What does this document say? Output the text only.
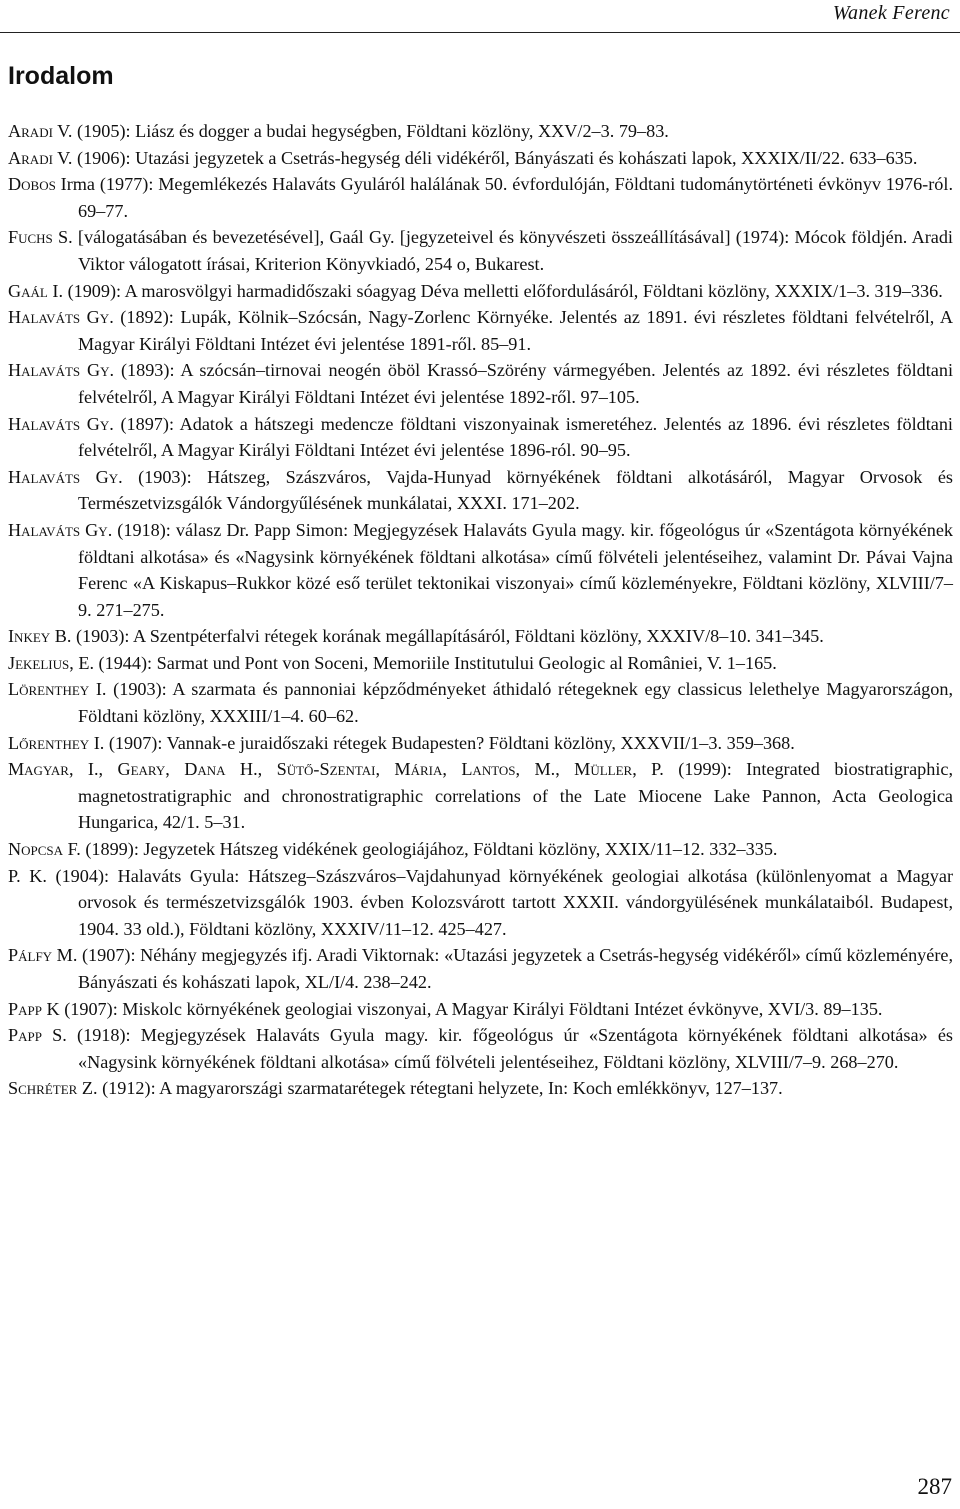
Wanek Ferenc
Irodalom
Aradi V. (1905): Liász és dogger a budai hegységben, Földtani közlöny, XXV/2–3. 79–83.
Aradi V. (1906): Utazási jegyzetek a Csetrás-hegység déli vidékéről, Bányászati és kohászati lapok, XXXIX/II/22. 633–635.
Dobos Irma (1977): Megemlékezés Halaváts Gyuláról halálának 50. évfordulóján, Földtani tudománytörténeti évkönyv 1976-ról. 69–77.
Fuchs S. [válogatásában és bevezetésével], Gaál Gy. [jegyzeteivel és könyvészeti összeállításával] (1974): Mócok földjén. Aradi Viktor válogatott írásai, Kriterion Könyvkiadó, 254 o, Bukarest.
Gaál I. (1909): A marosvölgyi harmadidőszaki sóagyag Déva melletti előfordulásáról, Földtani közlöny, XXXIX/1–3. 319–336.
Halaváts Gy. (1892): Lupák, Kölnik–Szócsán, Nagy-Zorlenc Környéke. Jelentés az 1891. évi részletes földtani felvételről, A Magyar Királyi Földtani Intézet évi jelentése 1891-ről. 85–91.
Halaváts Gy. (1893): A szócsán–tirnovai neogén öböl Krassó–Szörény vármegyében. Jelentés az 1892. évi részletes földtani felvételről, A Magyar Királyi Földtani Intézet évi jelentése 1892-ről. 97–105.
Halaváts Gy. (1897): Adatok a hátszegi medencze földtani viszonyainak ismeretéhez. Jelentés az 1896. évi részletes földtani felvételről, A Magyar Királyi Földtani Intézet évi jelentése 1896-ról. 90–95.
Halaváts Gy. (1903): Hátszeg, Szászváros, Vajda-Hunyad környékének földtani alkotásáról, Magyar Orvosok és Természetvizsgálók Vándorgyűlésének munkálatai, XXXI. 171–202.
Halaváts Gy. (1918): válasz Dr. Papp Simon: Megjegyzések Halaváts Gyula magy. kir. főgeológus úr «Szentágota környékének földtani alkotása» és «Nagysink környékének földtani alkotása» című fölvételi jelentéseihez, valamint Dr. Pávai Vajna Ferenc «A Kiskapus–Rukkor közé eső terület tektonikai viszonyai» című közleményekre, Földtani közlöny, XLVIII/7–9. 271–275.
Inkey B. (1903): A Szentpéterfalvi rétegek korának megállapításáról, Földtani közlöny, XXXIV/8–10. 341–345.
Jekelius, E. (1944): Sarmat und Pont von Soceni, Memoriile Institutului Geologic al României, V. 1–165.
Lörenthey I. (1903): A szarmata és pannoniai képződményeket áthidaló rétegeknek egy classicus lelethelye Magyarországon, Földtani közlöny, XXXIII/1–4. 60–62.
Lőrenthey I. (1907): Vannak-e juraidőszaki rétegek Budapesten? Földtani közlöny, XXXVII/1–3. 359–368.
Magyar, I., Geary, Dana H., Sütő-Szentai, Mária, Lantos, M., Müller, P. (1999): Integrated biostratigraphic, magnetostratigraphic and chronostratigraphic correlations of the Late Miocene Lake Pannon, Acta Geologica Hungarica, 42/1. 5–31.
Nopcsa F. (1899): Jegyzetek Hátszeg vidékének geologiájához, Földtani közlöny, XXIX/11–12. 332–335.
P. K. (1904): Halaváts Gyula: Hátszeg–Szászváros–Vajdahunyad környékének geologiai alkotása (különlenyomat a Magyar orvosok és természetvizsgálók 1903. évben Kolozsvárott tartott XXXII. vándorgyülésének munkálataiból. Budapest, 1904. 33 old.), Földtani közlöny, XXXIV/11–12. 425–427.
Pálfy M. (1907): Néhány megjegyzés ifj. Aradi Viktornak: «Utazási jegyzetek a Csetrás-hegység vidékéről» című közleményére, Bányászati és kohászati lapok, XL/I/4. 238–242.
Papp K (1907): Miskolc környékének geologiai viszonyai, A Magyar Királyi Földtani Intézet évkönyve, XVI/3. 89–135.
Papp S. (1918): Megjegyzések Halaváts Gyula magy. kir. főgeológus úr «Szentágota környékének földtani alkotása» és «Nagysink környékének földtani alkotása» című fölvételi jelentéseihez, Földtani közlöny, XLVIII/7–9. 268–270.
Schréter Z. (1912): A magyarországi szarmatarétegek rétegtani helyzete, In: Koch emlékkönyv, 127–137.
287
